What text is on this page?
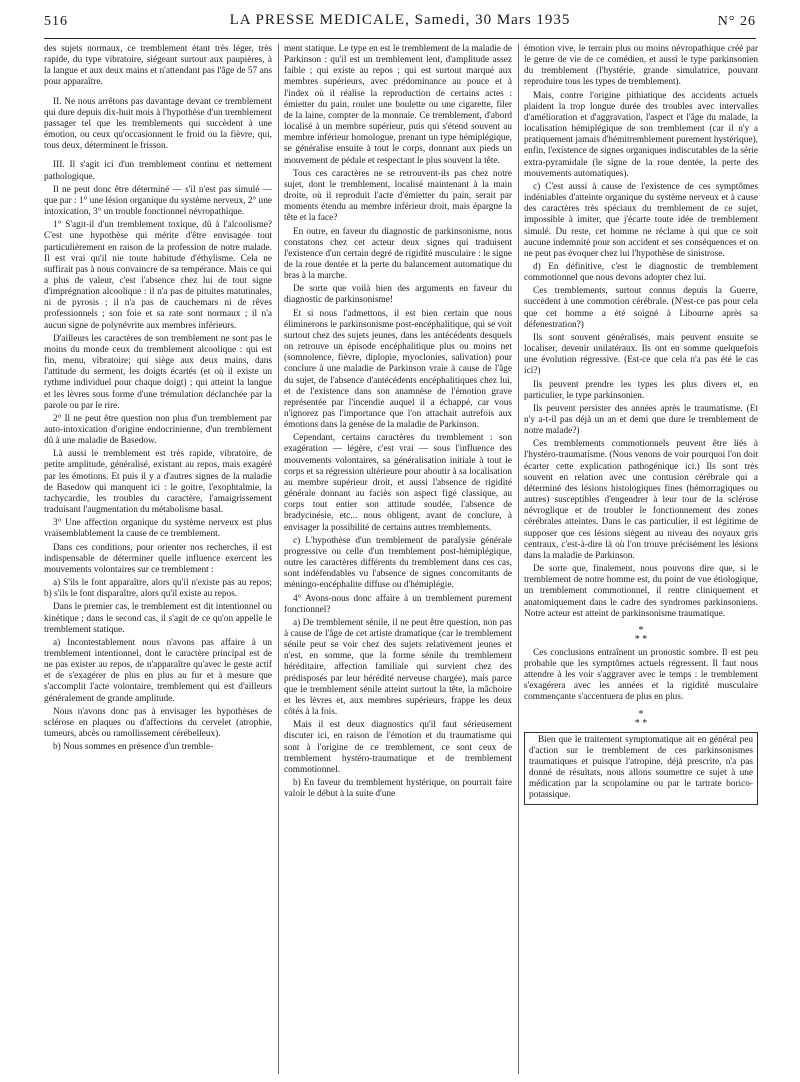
516	LA PRESSE MEDICALE, Samedi, 30 Mars 1935	N° 26

des sujets normaux, ce tremblement étant très léger, très rapide, du type vibratoire, siégeant surtout aux paupières, à la langue et aux deux mains et n'attendant pas l'âge de 57 ans pour apparaître.

II. Ne nous arrêtons pas davantage devant ce tremblement qui dure depuis dix-huit mois à l'hypothèse d'un tremblement passager tel que les tremblements qui succèdent à une émotion, ou ceux qu'occasionnent le froid ou la fièvre, qui, tous deux, déterminent le frisson.

III. Il s'agit ici d'un tremblement continu et nettement pathologique.

Il ne peut donc être déterminé — s'il n'est pas simulé — que par : 1° une lésion organique du système nerveux, 2° une intoxication, 3° un trouble fonctionnel névropathique.

1° S'agit-il d'un tremblement toxique, dû à l'alcoolisme? C'est une hypothèse qui mérite d'être envisagée tout particulièrement en raison de la profession de notre malade. Il est vrai qu'il nie toute habitude d'éthylisme. Cela ne suffirait pas à nous convaincre de sa tempérance. Mais ce qui a plus de valeur, c'est l'absence chez lui de tout signe d'imprégnation alcoolique : il n'a pas de pituites matutinales, ni de pyrosis ; il n'a pas de cauchemars ni de rêves professionnels ; son foie et sa rate sont normaux ; il n'a aucun signe de polynévrite aux membres inférieurs.

D'ailleurs les caractères de son tremblement ne sont pas le moins du monde ceux du tremblement alcoolique : qui est fin, menu, vibratoire; qui siège aux deux mains, dans l'attitude du serment, les doigts écartés (et où il existe un rythme individuel pour chaque doigt) ; qui atteint la langue et les lèvres sous forme d'une trémulation déclanchée par la parole ou par le rire.

2° Il ne peut être question non plus d'un tremblement par auto-intoxication d'origine endocrinienne, d'un tremblement dû à une maladie de Basedow.

Là aussi le tremblement est très rapide, vibratoire, de petite amplitude, généralisé, existant au repos, mais exagéré par les émotions. Et puis il y a d'autres signes de la maladie de Basedow qui manquent ici : le goitre, l'exophtalmie, la tachycardie, les troubles du caractère, l'amaigrissement traduisant l'augmentation du métabolisme basal.

3° Une affection organique du système nerveux est plus vraisemblablement la cause de ce tremblement.

Dans ces conditions, pour orienter nos recherches, il est indispensable de déterminer quelle influence exercent les mouvements volontaires sur ce tremblement :

a) S'ils le font apparaître, alors qu'il n'existe pas au repos; b) s'ils le font disparaître, alors qu'il existe au repos.

Dans le premier cas, le tremblement est dit intentionnel ou kinétique ; dans le second cas, il s'agit de ce qu'on appelle le tremblement statique.

a) Incontestablement nous n'avons pas affaire à un tremblement intentionnel, dont le caractère principal est de ne pas exister au repos, de n'apparaître qu'avec le geste actif et de s'exagérer de plus en plus au fur et à mesure que s'accomplit l'acte volontaire, tremblement qui est d'ailleurs généralement de grande amplitude.

Nous n'avons donc pas à envisager les hypothèses de sclérose en plaques ou d'affections du cervelet (atrophie, tumeurs, abcès ou ramollissement cérébelleux).

b) Nous sommes en présence d'un tremble-

ment statique. Le type en est le tremblement de la maladie de Parkinson : qu'il est un tremblement lent, d'amplitude assez faible ; qui existe au repos ; qui est surtout marqué aux membres supérieurs, avec prédominance au pouce et à l'index où il réalise la reproduction de certains actes : émietter du pain, rouler une boulette ou une cigarette, filer de la laine, compter de la monnaie. Ce tremblement, d'abord localisé à un membre supérieur, puis qui s'étend souvent au membre inférieur homologue, prenant un type hémiplégique, se généralise ensuite à tout le corps, donnant aux pieds un mouvement de pédale et respectant le plus souvent la tête.

Tous ces caractères ne se retrouvent-ils pas chez notre sujet, dont le tremblement, localisé maintenant à la main droite, où il reproduit l'acte d'émietter du pain, serait par moments étendu au membre inférieur droit, mais épargne la tête et la face?

En outre, en faveur du diagnostic de parkinsonisme, nous constatons chez cet acteur deux signes qui traduisent l'existence d'un certain degré de rigidité musculaire : le signe de la roue dentée et la perte du balancement automatique du bras à la marche.

De sorte que voilà bien des arguments en faveur du diagnostic de parkinsonisme!

Et si nous l'admettons, il est bien certain que nous éliminerons le parkinsonisme post-encéphalitique, qui se voit surtout chez des sujets jeunes, dans les antécédents desquels on retrouve un épisode encéphalitique plus ou moins net (somnolence, fièvre, diplopie, myoclonies, salivation) pour conclure à une maladie de Parkinson vraie à cause de l'âge du sujet, de l'absence d'antécédents encéphalitiques chez lui, et de l'existence dans son anamnèse de l'émotion grave représentée par l'incendie auquel il a échappé, car vous n'ignorez pas l'importance que l'on attachait autrefois aux émotions dans la genèse de la maladie de Parkinson.

Cependant, certains caractères du tremblement : son exagération — légère, c'est vrai — sous l'influence des mouvements volontaires, sa généralisation initiale à tout le corps et sa régression ultérieure pour aboutir à sa localisation au membre supérieur droit, et aussi l'absence de rigidité générale donnant au faciès son aspect figé classique, au corps tout entier son attitude soudée, l'absence de bradycinésie, etc... nous obligent, avant de conclure, à envisager la possibilité de certains autres tremblements.

c) L'hypothèse d'un tremblement de paralysie générale progressive ou celle d'un tremblement post-hémiplégique, outre les caractères différents du tremblement dans ces cas, sont indéfendables vu l'absence de signes concomitants de méningo-encéphalite diffuse ou d'hémiplégie.

4° Avons-nous donc affaire à un tremblement purement fonctionnel?

a) De tremblement sénile, il ne peut être question, non pas à cause de l'âge de cet artiste dramatique (car le tremblement sénile peut se voir chez des sujets relativement jeunes et n'est, en somme, que la forme sénile du tremblement héréditaire, affection familiale qui survient chez des prédisposés par leur hérédité nerveuse chargée), mais parce que le tremblement sénile atteint surtout la tête, la mâchoire et les lèvres et, aux membres supérieurs, frappe les deux côtés à la fois.

Mais il est deux diagnostics qu'il faut sérieusement discuter ici, en raison de l'émotion et du traumatisme qui sont à l'origine de ce tremblement, ce sont ceux de tremblement hystéro-traumatique et de tremblement commotionnel.

b) En faveur du tremblement hystérique, on pourrait faire valoir le début à la suite d'une

émotion vive, le terrain plus ou moins névropathique créé par le genre de vie de ce comédien, et aussi le type parkinsonien du tremblement (l'hystérie, grande simulatrice, pouvant reproduire tous les types de tremblement).

Mais, contre l'origine pithiatique des accidents actuels plaident la trop longue durée des troubles avec intervalles d'amélioration et d'aggravation, l'aspect et l'âge du malade, la localisation hémiplégique de son tremblement (car il n'y a pratiquement jamais d'hémitremblement purement hystérique), enfin, l'existence de signes organiques indiscutables de la série extra-pyramidale (le signe de la roue dentée, la perte des mouvements automatiques).

c) C'est aussi à cause de l'existence de ces symptômes indéniables d'atteinte organique du système nerveux et à cause des caractères très spéciaux du tremblement de ce sujet, impossible à imiter, que j'écarte toute idée de tremblement simulé. Du reste, cet homme ne réclame à qui que ce soit aucune indemnité pour son accident et ses conséquences et on ne peut pas évoquer chez lui l'hypothèse de sinistrose.

d) En définitive, c'est le diagnostic de tremblement commotionnel que nous devons adopter chez lui.

Ces tremblements, surtout connus depuis la Guerre, succèdent à une commotion cérébrale. (N'est-ce pas pour cela que cet homme a été soigné à Libourne après sa défenestration?)

Ils sont souvent généralisés, mais peuvent ensuite se localiser, devenir unilatéraux. Ils ont en somme quelquefois une évolution régressive. (Est-ce que cela n'a pas été le cas ici?)

Ils peuvent prendre les types les plus divers et, en particulier, le type parkinsonien.

Ils peuvent persister des années après le traumatisme. (Et n'y a-t-il pas déjà un an et demi que dure le tremblement de notre malade?)

Ces tremblements commotionnels peuvent être liés à l'hystéro-traumatisme. (Nous venons de voir pourquoi l'on doit écarter cette explication pathogénique ici.) Ils sont très souvent en relation avec une contusion cérébrale qui a déterminé des lésions histologiques fines (hémorragiques ou autres) susceptibles d'engendrer à leur tour de la sclérose névroglique et de troubler le fonctionnement des zones cérébrales atteintes. Dans le cas particulier, il est légitime de supposer que ces lésions siègent au niveau des noyaux gris centraux, c'est-à-dire là où l'on trouve précisément les lésions dans la maladie de Parkinson.

De sorte que, finalement, nous pouvons dire que, si le tremblement de notre homme est, du point de vue étiologique, un tremblement commotionnel, il rentre cliniquement et anatomiquement dans le cadre des syndromes parkinsoniens. Notre acteur est atteint de parkinsonisme traumatique.

*
* *

Ces conclusions entraînent un pronostic sombre. Il est peu probable que les symptômes actuels régressent. Il faut nous attendre à les voir s'aggraver avec le temps : le tremblement s'exagérera avec les années et la rigidité musculaire commençante s'accentuera de plus en plus.

*
* *

Bien que le traitement symptomatique ait en général peu d'action sur le tremblement de ces parkinsonismes traumatiques et puisque l'atropine, déjà prescrite, n'a pas donné de résultats, nous allons soumettre ce sujet à une médication par la scopolamine ou par le tartrate borico-potassique.
